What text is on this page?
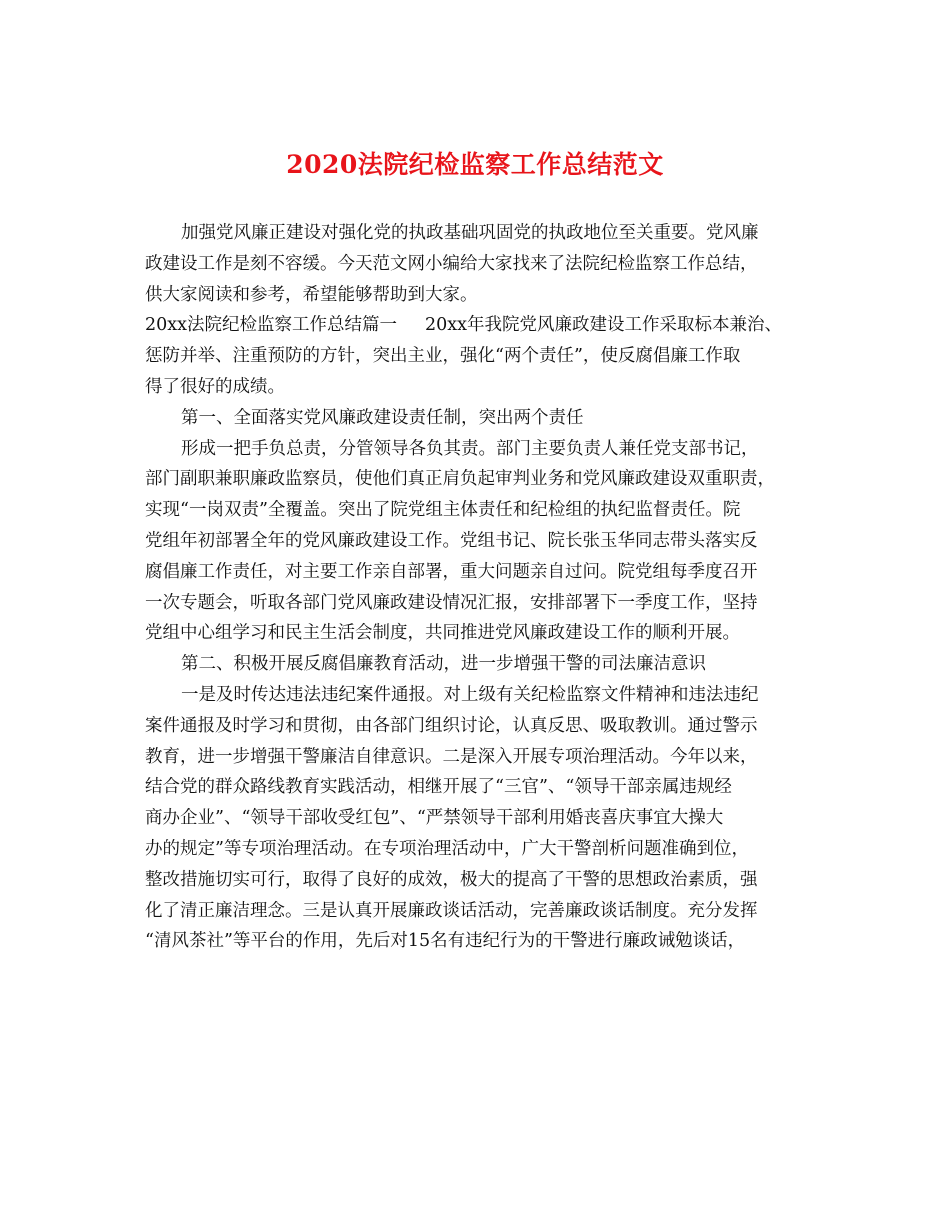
2020法院纪检监察工作总结范文
加强党风廉正建设对强化党的执政基础巩固党的执政地位至关重要。党风廉
政建设工作是刻不容缓。今天范文网小编给大家找来了法院纪检监察工作总结，
供大家阅读和参考，希望能够帮助到大家。
20xx法院纪检监察工作总结篇一 20xx年我院党风廉政建设工作采取标本兼治、
惩防并举、注重预防的方针，突出主业，强化“两个责任”，使反腐倡廉工作取
得了很好的成绩。
第一、全面落实党风廉政建设责任制，突出两个责任
形成一把手负总责，分管领导各负其责。部门主要负责人兼任党支部书记，
部门副职兼职廉政监察员，使他们真正肩负起审判业务和党风廉政建设双重职责，
实现“一岗双责”全覆盖。突出了院党组主体责任和纪检组的执纪监督责任。院
党组年初部署全年的党风廉政建设工作。党组书记、院长张玉华同志带头落实反
腐倡廉工作责任，对主要工作亲自部署，重大问题亲自过问。院党组每季度召开
一次专题会，听取各部门党风廉政建设情况汇报，安排部署下一季度工作，坚持
党组中心组学习和民主生活会制度，共同推进党风廉政建设工作的顺利开展。
第二、积极开展反腐倡廉教育活动，进一步增强干警的司法廉洁意识
一是及时传达违法违纪案件通报。对上级有关纪检监察文件精神和违法违纪
案件通报及时学习和贯彻，由各部门组织讨论，认真反思、吸取教训。通过警示
教育，进一步增强干警廉洁自律意识。二是深入开展专项治理活动。今年以来，
结合党的群众路线教育实践活动，相继开展了“三官”、“领导干部亲属违规经
商办企业”、“领导干部收受红包”、“严禁领导干部利用婚丧喜庆事宜大操大
办的规定”等专项治理活动。在专项治理活动中，广大干警剖析问题准确到位，
整改措施切实可行，取得了良好的成效，极大的提高了干警的思想政治素质，强
化了清正廉洁理念。三是认真开展廉政谈话活动，完善廉政谈话制度。充分发挥
“清风茶社”等平台的作用，先后对15名有违纪行为的干警进行廉政诫勉谈话，
